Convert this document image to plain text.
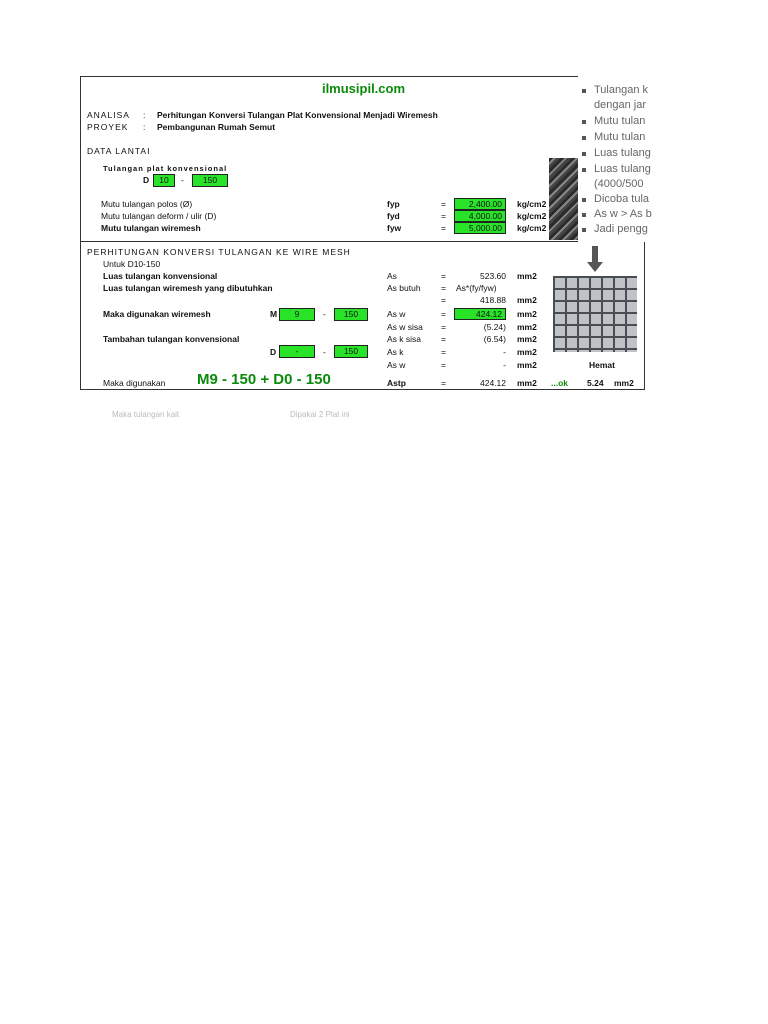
ilmusipil.com
ANALISA : Perhitungan Konversi Tulangan Plat Konvensional Menjadi Wiremesh
PROYEK : Pembangunan Rumah Semut
DATA LANTAI
Tulangan plat konvensional
D	10	-	150
Mutu tulangan polos (Ø)	fyp	=	2,400.00	kg/cm2
Mutu tulangan deform / ulir (D)	fyd	=	4,000.00	kg/cm2
Mutu tulangan wiremesh	fyw	=	5,000.00	kg/cm2
PERHITUNGAN KONVERSI TULANGAN KE WIRE MESH
Untuk D10-150
Luas tulangan konvensional	As	=	523.60 mm2
Luas tulangan wiremesh yang dibutuhkan	As butuh = As*(fy/fyw)
=	418.88 mm2
Maka digunakan wiremesh	M	9	-	150	As w	=	424.12	mm2
As w sisa =	(5.24) mm2
Tambahan tulangan konvensional	As k sisa =	(6.54) mm2
D	-	-	150	As k	=	- mm2
As w	=	- mm2	Hemat
Maka digunakan M9 - 150 + D0 - 150	Astp	=	424.12 mm2 ...ok 5.24 mm2
Tulangan k
dengan jar
Mutu tulan
Mutu tulan
Luas tulang
Luas tulang
(4000/500
Dicoba tula
As w > As b
Jadi pengg
Maka tulangan kait	Dipakai 2 Plat ini
